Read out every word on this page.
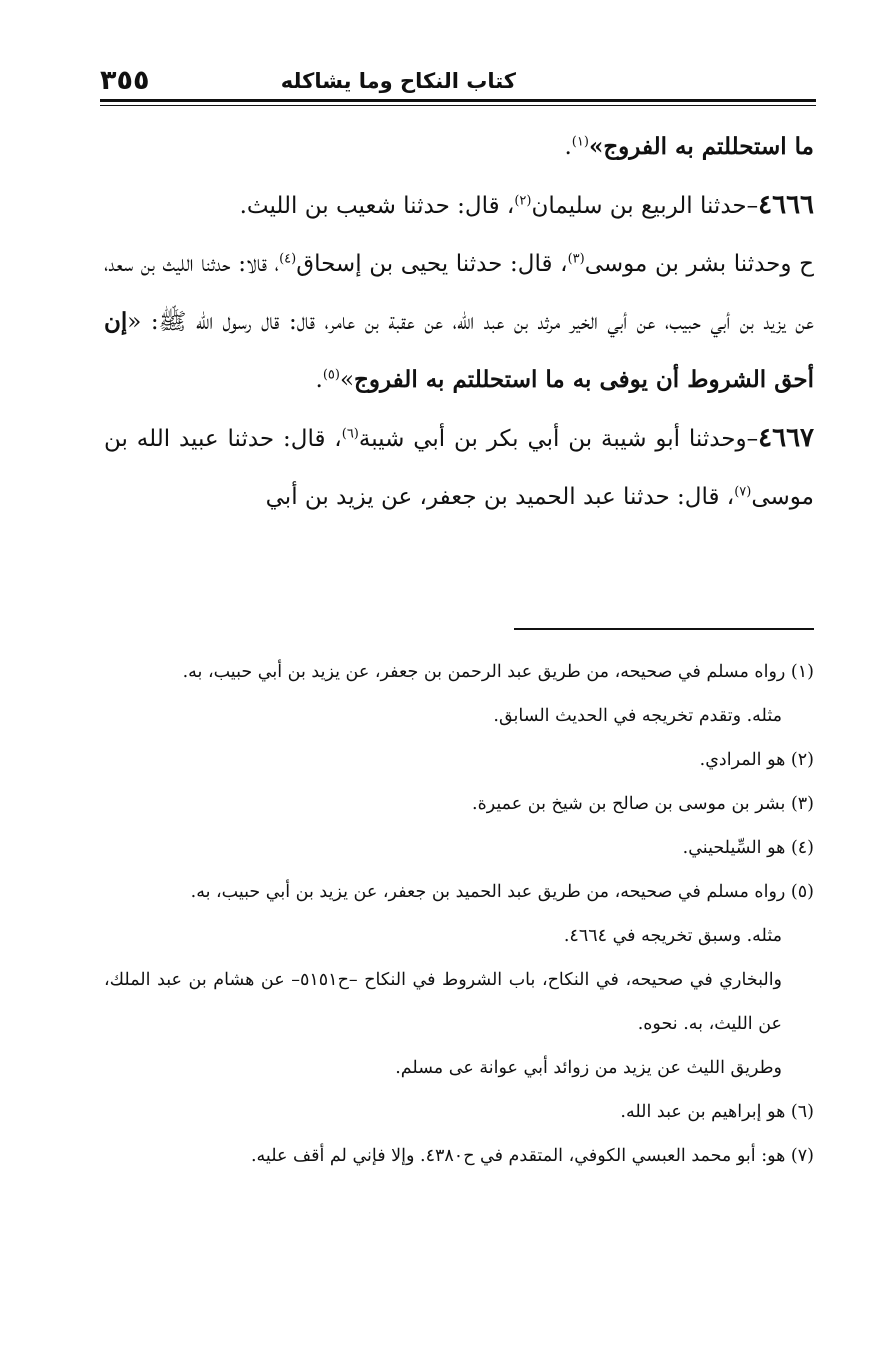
٣٥٥	كتاب النكاح وما يشاكله

ما استحللتم به الفروج»$^{(١)}$.

٤٦٦٦–حدثنا الربيع بن سليمان$^{(٢)}$، قال: حدثنا شعيب بن الليث.

ح وحدثنا بشر بن موسى$^{(٣)}$، قال: حدثنا يحيى بن إسحاق$^{(٤)}$، قالا: حدثنا الليث بن سعد، عن يزيد بن أبي حبيب، عن أبي الخير مرثد بن عبد الله، عن عقبة بن عامر، قال: قال رسول الله ﷺ: «إن أحق الشروط أن يوفى به ما استحللتم به الفروج»$^{(٥)}$.

٤٦٦٧–وحدثنا أبو شيبة بن أبي بكر بن أبي شيبة$^{(٦)}$، قال: حدثنا عبيد الله بن موسى$^{(٧)}$، قال: حدثنا عبد الحميد بن جعفر، عن يزيد بن أبي

(١) رواه مسلم في صحيحه، من طريق عبد الرحمن بن جعفر، عن يزيد بن أبي حبيب، به.

مثله. وتقدم تخريجه في الحديث السابق.

(٢) هو المرادي.

(٣) بشر بن موسى بن صالح بن شيخ بن عميرة.

(٤) هو السِّيلحيني.

(٥) رواه مسلم في صحيحه، من طريق عبد الحميد بن جعفر، عن يزيد بن أبي حبيب، به.

مثله. وسبق تخريجه في ٤٦٦٤.

والبخاري في صحيحه، في النكاح، باب الشروط في النكاح –ح٥١٥١– عن هشام بن عبد الملك، عن الليث، به. نحوه.

وطريق الليث عن يزيد من زوائد أبي عوانة عى مسلم.

(٦) هو إبراهيم بن عبد الله.

(٧) هو: أبو محمد العبسي الكوفي، المتقدم في ح٤٣٨٠. وإلا فإني لم أقف عليه.
